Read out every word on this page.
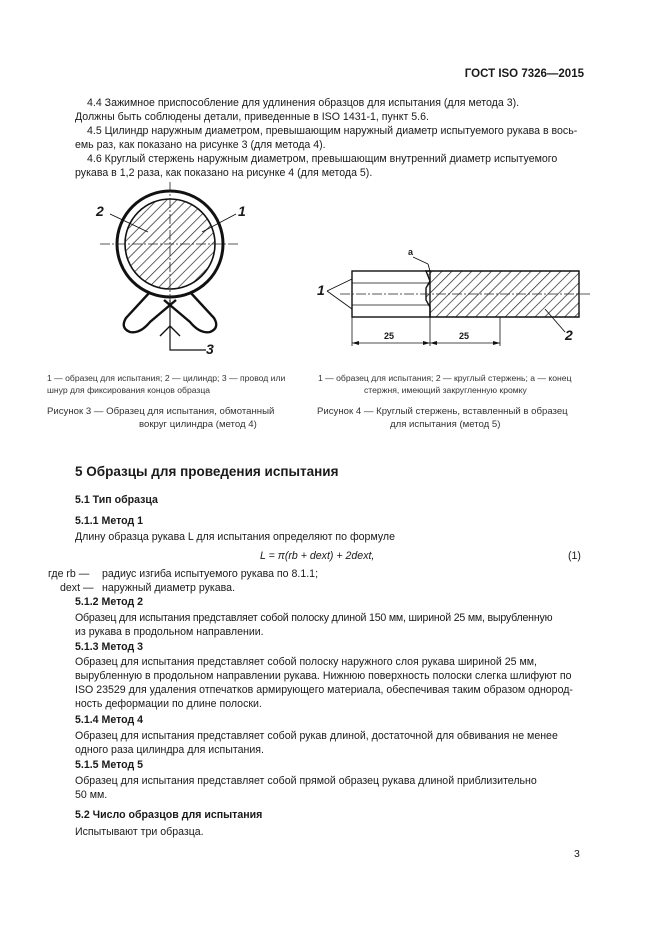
ГОСТ ISO 7326—2015
4.4 Зажимное приспособление для удлинения образцов для испытания (для метода 3).
Должны быть соблюдены детали, приведенные в ISO 1431-1, пункт 5.6.
4.5 Цилиндр наружным диаметром, превышающим наружный диаметр испытуемого рукава в вось-
емь раз, как показано на рисунке 3 (для метода 4).
4.6 Круглый стержень наружным диаметром, превышающим внутренний диаметр испытуемого
рукава в 1,2 раза, как показано на рисунке 4 (для метода 5).
2	1
3
1
2
a
25	25
1 — образец для испытания; 2 — цилиндр; 3 — провод или
шнур для фиксирования концов образца
Рисунок 3 — Образец для испытания, обмотанный
вокруг цилиндра (метод 4)
1 — образец для испытания; 2 — круглый стержень; a — конец
стержня, имеющий закругленную кромку
Рисунок 4 — Круглый стержень, вставленный в образец
для испытания (метод 5)
5 Образцы для проведения испытания
5.1 Тип образца
5.1.1 Метод 1
Длину образца рукава L для испытания определяют по формуле
L = π(rb + dext) + 2dext,	(1)
где rb — радиус изгиба испытуемого рукава по 8.1.1;
dext — наружный диаметр рукава.
5.1.2 Метод 2
Образец для испытания представляет собой полоску длиной 150 мм, шириной 25 мм, вырубленную
из рукава в продольном направлении.
5.1.3 Метод 3
Образец для испытания представляет собой полоску наружного слоя рукава шириной 25 мм,
вырубленную в продольном направлении рукава. Нижнюю поверхность полоски слегка шлифуют по
ISO 23529 для удаления отпечатков армирующего материала, обеспечивая таким образом однород-
ность деформации по длине полоски.
5.1.4 Метод 4
Образец для испытания представляет собой рукав длиной, достаточной для обвивания не менее
одного раза цилиндра для испытания.
5.1.5 Метод 5
Образец для испытания представляет собой прямой образец рукава длиной приблизительно
50 мм.
5.2 Число образцов для испытания
Испытывают три образца.
3
